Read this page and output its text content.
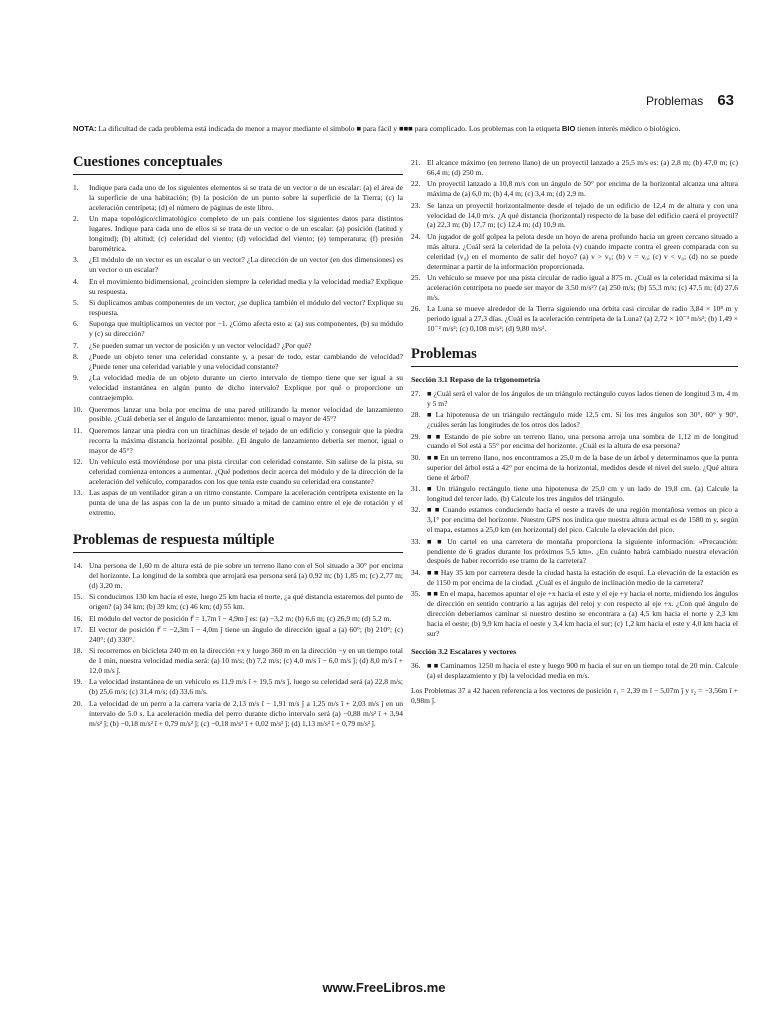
Problemas 63
NOTA: La dificultad de cada problema está indicada de menor a mayor mediante el símbolo ■ para fácil y ■■■ para complicado. Los problemas con la etiqueta BIO tienen interés médico o biológico.
Cuestiones conceptuales
1.	Indique para cada uno de los siguientes elementos si se trata de un vector o de un escalar: (a) el área de la superficie de una habitación; (b) la posición de un punto sobre la superficie de la Tierra; (c) la aceleración centrípeta; (d) el número de páginas de este libro.
2.	Un mapa topológico/climatológico completo de un país contiene los siguientes datos para distintos lugares. Indique para cada uno de ellos si se trata de un vector o de un escalar: (a) posición (latitud y longitud); (b) altitud; (c) celeridad del viento; (d) velocidad del viento; (e) temperatura; (f) presión barométrica.
3.	¿El módulo de un vector es un escalar o un vector? ¿La dirección de un vector (en dos dimensiones) es un vector o un escalar?
4.	En el movimiento bidimensional, ¿coinciden siempre la celeridad media y la velocidad media? Explique su respuesta.
5.	Si duplicamos ambas componentes de un vector, ¿se duplica también el módulo del vector? Explique su respuesta.
6.	Suponga que multiplicamos un vector por −1. ¿Cómo afecta esto a: (a) sus componentes, (b) su módulo y (c) su dirección?
7.	¿Se pueden sumar un vector de posición y un vector velocidad? ¿Por qué?
8.	¿Puede un objeto tener una celeridad constante y, a pesar de todo, estar cambiando de velocidad? ¿Puede tener una celeridad variable y una velocidad constante?
9.	¿La velocidad media de un objeto durante un cierto intervalo de tiempo tiene que ser igual a su velocidad instantánea en algún punto de dicho intervalo? Explique por qué o proporcione un contraejemplo.
10. Queremos lanzar una bola por encima de una pared utilizando la menor velocidad de lanzamiento posible. ¿Cuál debería ser el ángulo de lanzamiento: menor, igual o mayor de 45°?
11. Queremos lanzar una piedra con un tirachinas desde el tejado de un edificio y conseguir que la piedra recorra la máxima distancia horizontal posible. ¿El ángulo de lanzamiento debería ser menor, igual o mayor de 45°?
12. Un vehículo está moviéndose por una pista circular con celeridad constante. Sin salirse de la pista, su celeridad comienza entonces a aumentar. ¿Qué podemos decir acerca del módulo y de la dirección de la aceleración del vehículo, comparados con los que tenía este cuando su celeridad era constante?
13. Las aspas de un ventilador giran a un ritmo constante. Compare la aceleración centrípeta existente en la punta de una de las aspas con la de un punto situado a mitad de camino entre el eje de rotación y el extremo.
Problemas de respuesta múltiple
14. Una persona de 1,60 m de altura está de pie sobre un terreno llano con el Sol situado a 30° por encima del horizonte. La longitud de la sombra que arrojará esa persona será (a) 0,92 m; (b) 1,85 m; (c) 2,77 m; (d) 3,20 m.
15. Si conducimos 130 km hacia el este, luego 25 km hacia el norte, ¿a qué distancia estaremos del punto de origen? (a) 34 km; (b) 39 km; (c) 46 km; (d) 55 km.
16. El módulo del vector de posición r⃗ = 1,7m î − 4,9m ĵ es: (a) −3,2 m; (b) 6,6 m; (c) 26,9 m; (d) 5,2 m.
17. El vector de posición r⃗ = −2,3m î − 4,0m ĵ tiene un ángulo de dirección igual a (a) 60°; (b) 210°; (c) 240°; (d) 330°.
18. Si recorremos en bicicleta 240 m en la dirección +x y luego 360 m en la dirección −y en un tiempo total de 1 min, nuestra velocidad media será: (a) 10 m/s; (b) 7,2 m/s; (c) 4,0 m/s î − 6,0 m/s ĵ; (d) 8,0 m/s î + 12,0 m/s ĵ.
19. La velocidad instantánea de un vehículo es 11,9 m/s î + 19,5 m/s ĵ, luego su celeridad será (a) 22,8 m/s; (b) 25,6 m/s; (c) 31,4 m/s; (d) 33,6 m/s.
20. La velocidad de un perro a la carrera varía de 2,13 m/s î − 1,91 m/s ĵ a 1,25 m/s î + 2,03 m/s ĵ en un intervalo de 5.0 s. La aceleración media del perro durante dicho intervalo será (a) −0,88 m/s² î + 3,94 m/s² ĵ; (b) −0,18 m/s² î + 0,79 m/s² ĵ; (c) −0,18 m/s² î + 0,02 m/s² ĵ; (d) 1,13 m/s² î + 0,79 m/s² ĵ.
21. El alcance máximo (en terreno llano) de un proyectil lanzado a 25,5 m/s es: (a) 2,8 m; (b) 47,0 m; (c) 66,4 m; (d) 250 m.
22. Un proyectil lanzado a 10,8 m/s con un ángulo de 50° por encima de la horizontal alcanza una altura máxima de (a) 6,0 m; (b) 4,4 m; (c) 3,4 m; (d) 2,9 m.
23. Se lanza un proyectil horizontalmente desde el tejado de un edificio de 12,4 m de altura y con una velocidad de 14,0 m/s. ¿A qué distancia (horizontal) respecto de la base del edificio caerá el proyectil? (a) 22,3 m; (b) 17,7 m; (c) 12,4 m; (d) 10,9 m.
24. Un jugador de golf golpea la pelota desde un hoyo de arena profundo hacia un green cercano situado a más altura. ¿Cuál será la celeridad de la pelota (v) cuando impacte contra el green comparada con su celeridad (v₀) en el momento de salir del hoyo? (a) v > v₀; (b) v = v₀; (c) v < v₀; (d) no se puede determinar a partir de la información proporcionada.
25. Un vehículo se mueve por una pista circular de radio igual a 875 m. ¿Cuál es la celeridad máxima si la aceleración centrípeta no puede ser mayor de 3,50 m/s²? (a) 250 m/s; (b) 55,3 m/s; (c) 47,5 m; (d) 27,6 m/s.
26. La Luna se mueve alrededor de la Tierra siguiendo una órbita casi circular de radio 3,84 × 10⁸ m y periodo igual a 27,3 días. ¿Cuál es la aceleración centrípeta de la Luna? (a) 2,72 × 10⁻³ m/s²; (b) 1,49 × 10⁻² m/s²; (c) 0,108 m/s²; (d) 9,80 m/s².
Problemas
Sección 3.1 Repaso de la trigonometría
27. ■ ¿Cuál será el valor de los ángulos de un triángulo rectángulo cuyos lados tienen de longitud 3 m, 4 m y 5 m?
28. ■ La hipotenusa de un triángulo rectángulo mide 12,5 cm. Si los tres ángulos son 30°, 60° y 90°, ¿cuáles serán las longitudes de los otros dos lados?
29. ■ ■ Estando de pie sobre un terreno llano, una persona arroja una sombra de 1,12 m de longitud cuando el Sol está a 55° por encima del horizonte. ¿Cuál es la altura de esa persona?
30. ■ ■ En un terreno llano, nos encontramos a 25,0 m de la base de un árbol y determinamos que la punta superior del árbol está a 42° por encima de la horizontal, medidos desde el nivel del suelo. ¿Qué altura tiene el árbol?
31. ■ Un triángulo rectángulo tiene una hipotenusa de 25,0 cm y un lado de 19,8 cm. (a) Calcule la longitud del tercer lado. (b) Calcule los tres ángulos del triángulo.
32. ■ ■ Cuando estamos conduciendo hacia el oeste a través de una región montañosa vemos un pico a 3,1° por encima del horizonte. Nuestro GPS nos indica que nuestra altura actual es de 1580 m y, según el mapa, estamos a 25,0 km (en horizontal) del pico. Calcule la elevación del pico.
33. ■ ■ Un cartel en una carretera de montaña proporciona la siguiente información: «Precaución: pendiente de 6 grados durante los próximos 5,5 km». ¿En cuánto habrá cambiado nuestra elevación después de haber recorrido ese tramo de la carretera?
34. ■ ■ Hay 35 km por carretera desde la ciudad hasta la estación de esquí. La elevación de la estación es de 1150 m por encima de la ciudad. ¿Cuál es el ángulo de inclinación medio de la carretera?
35. ■ ■ En el mapa, hacemos apuntar el eje +x hacia el este y el eje +y hacia el norte, midiendo los ángulos de dirección en sentido contrario a las agujas del reloj y con respecto al eje +x. ¿Con qué ángulo de dirección deberíamos caminar si nuestro destino se encontrara a (a) 4,5 km hacia el norte y 2,3 km hacia el oeste; (b) 9,9 km hacia el oeste y 3,4 km hacia el sur; (c) 1,2 km hacia el este y 4,0 km hacia el sur?
Sección 3.2 Escalares y vectores
36. ■ ■ Caminamos 1250 m hacia el este y luego 900 m hacia el sur en un tiempo total de 20 min. Calcule (a) el desplazamiento y (b) la velocidad media en m/s.
Los Problemas 37 a 42 hacen referencia a los vectores de posición r₁ = 2,39 m î − 5,07m ĵ y r₂ = −3,56m î + 0,98m ĵ.
www.FreeLibros.me
